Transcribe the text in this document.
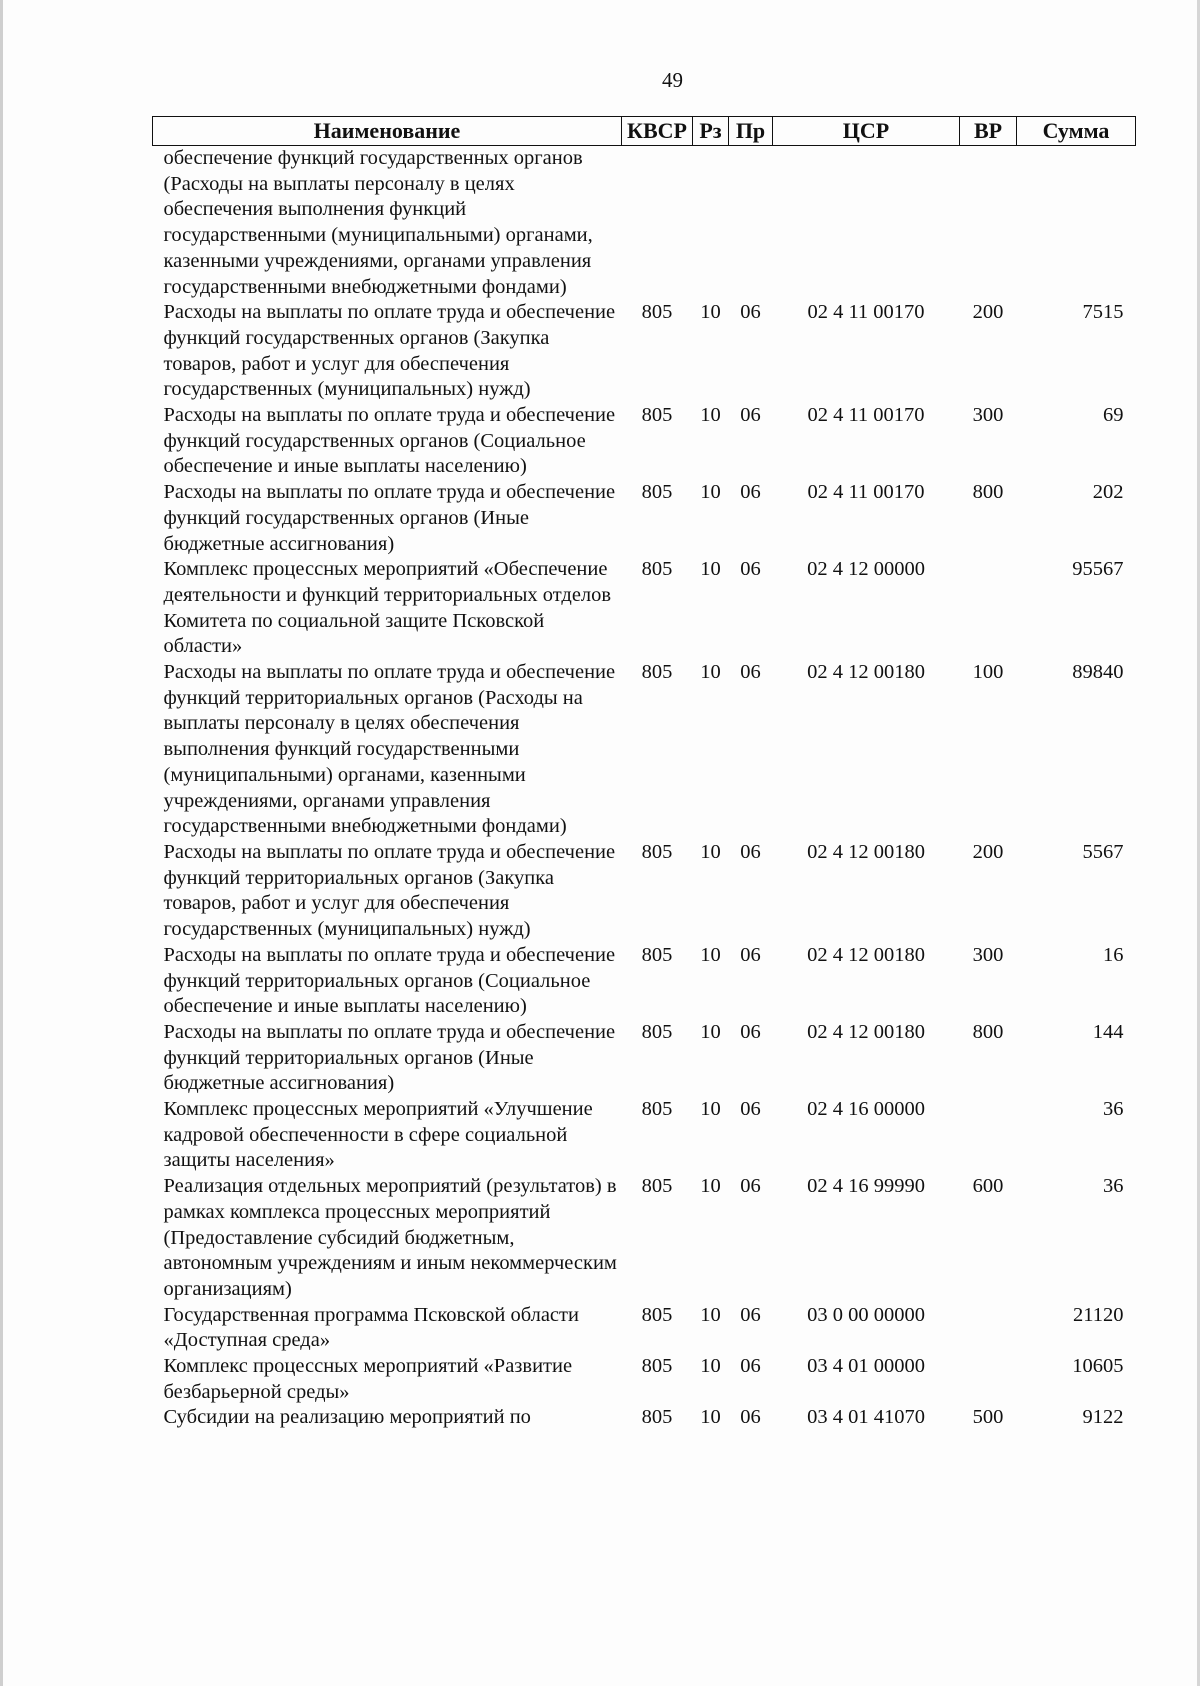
49
Наименование	КВСР	Рз	Пр	ЦСР	ВР	Сумма
обеспечение функций государственных органов (Расходы на выплаты персоналу в целях обеспечения выполнения функций государственными (муниципальными) органами, казенными учреждениями, органами управления государственными внебюджетными фондами)						
Расходы на выплаты по оплате труда и обеспечение функций государственных органов (Закупка товаров, работ и услуг для обеспечения государственных (муниципальных) нужд)	805	10	06	02 4 11 00170	200	7515
Расходы на выплаты по оплате труда и обеспечение функций государственных органов (Социальное обеспечение и иные выплаты населению)	805	10	06	02 4 11 00170	300	69
Расходы на выплаты по оплате труда и обеспечение функций государственных органов (Иные бюджетные ассигнования)	805	10	06	02 4 11 00170	800	202
Комплекс процессных мероприятий «Обеспечение деятельности и функций территориальных отделов Комитета по социальной защите Псковской области»	805	10	06	02 4 12 00000		95567
Расходы на выплаты по оплате труда и обеспечение функций территориальных органов (Расходы на выплаты персоналу в целях обеспечения выполнения функций государственными (муниципальными) органами, казенными учреждениями, органами управления государственными внебюджетными фондами)	805	10	06	02 4 12 00180	100	89840
Расходы на выплаты по оплате труда и обеспечение функций территориальных органов (Закупка товаров, работ и услуг для обеспечения государственных (муниципальных) нужд)	805	10	06	02 4 12 00180	200	5567
Расходы на выплаты по оплате труда и обеспечение функций территориальных органов (Социальное обеспечение и иные выплаты населению)	805	10	06	02 4 12 00180	300	16
Расходы на выплаты по оплате труда и обеспечение функций территориальных органов (Иные бюджетные ассигнования)	805	10	06	02 4 12 00180	800	144
Комплекс процессных мероприятий «Улучшение кадровой обеспеченности в сфере социальной защиты населения»	805	10	06	02 4 16 00000		36
Реализация отдельных мероприятий (результатов) в рамках комплекса процессных мероприятий (Предоставление субсидий бюджетным, автономным учреждениям и иным некоммерческим организациям)	805	10	06	02 4 16 99990	600	36
Государственная программа Псковской области «Доступная среда»	805	10	06	03 0 00 00000		21120
Комплекс процессных мероприятий «Развитие безбарьерной среды»	805	10	06	03 4 01 00000		10605
Субсидии на реализацию мероприятий по	805	10	06	03 4 01 41070	500	9122
